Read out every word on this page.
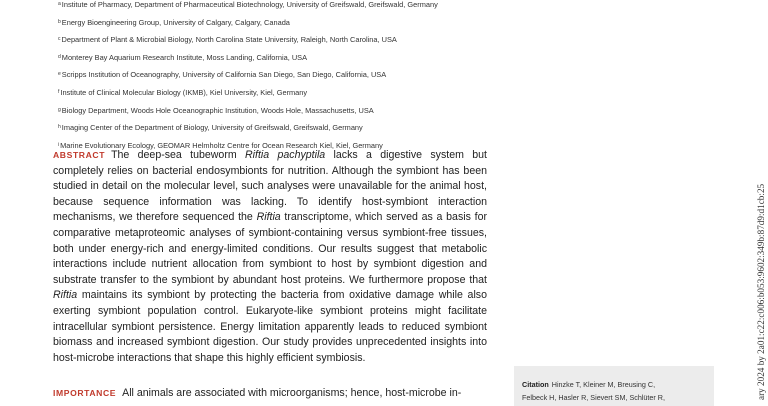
$^a$Institute of Pharmacy, Department of Pharmaceutical Biotechnology, University of Greifswald, Greifswald, Germany
$^b$Energy Bioengineering Group, University of Calgary, Calgary, Canada
$^c$Department of Plant & Microbial Biology, North Carolina State University, Raleigh, North Carolina, USA
$^d$Monterey Bay Aquarium Research Institute, Moss Landing, California, USA
$^e$Scripps Institution of Oceanography, University of California San Diego, San Diego, California, USA
$^f$Institute of Clinical Molecular Biology (IKMB), Kiel University, Kiel, Germany
$^g$Biology Department, Woods Hole Oceanographic Institution, Woods Hole, Massachusetts, USA
$^h$Imaging Center of the Department of Biology, University of Greifswald, Greifswald, Germany
$^i$Marine Evolutionary Ecology, GEOMAR Helmholtz Centre for Ocean Research Kiel, Kiel, Germany

ABSTRACT The deep-sea tubeworm Riftia pachyptila lacks a digestive system but completely relies on bacterial endosymbionts for nutrition. Although the symbiont has been studied in detail on the molecular level, such analyses were unavailable for the animal host, because sequence information was lacking. To identify host-symbiont interaction mechanisms, we therefore sequenced the Riftia transcriptome, which served as a basis for comparative metaproteomic analyses of symbiont-containing versus symbiont-free tissues, both under energy-rich and energy-limited conditions. Our results suggest that metabolic interactions include nutrient allocation from symbiont to host by symbiont digestion and substrate transfer to the symbiont by abundant host proteins. We furthermore propose that Riftia maintains its symbiont by protecting the bacteria from oxidative damage while also exerting symbiont population control. Eukaryote-like symbiont proteins might facilitate intracellular symbiont persistence. Energy limitation apparently leads to reduced symbiont biomass and increased symbiont digestion. Our study provides unprecedented insights into host-microbe interactions that shape this highly efficient symbiosis.

IMPORTANCE All animals are associated with microorganisms; hence, host-microbe in-

Citation Hinzke T, Kleiner M, Breusing C,
Felbeck H, Hasler R, Sievert SM, Schlüter R,	ary 2024 by 2a01:c22:c006:b053:9602:349b:87d9:d1cb:25
